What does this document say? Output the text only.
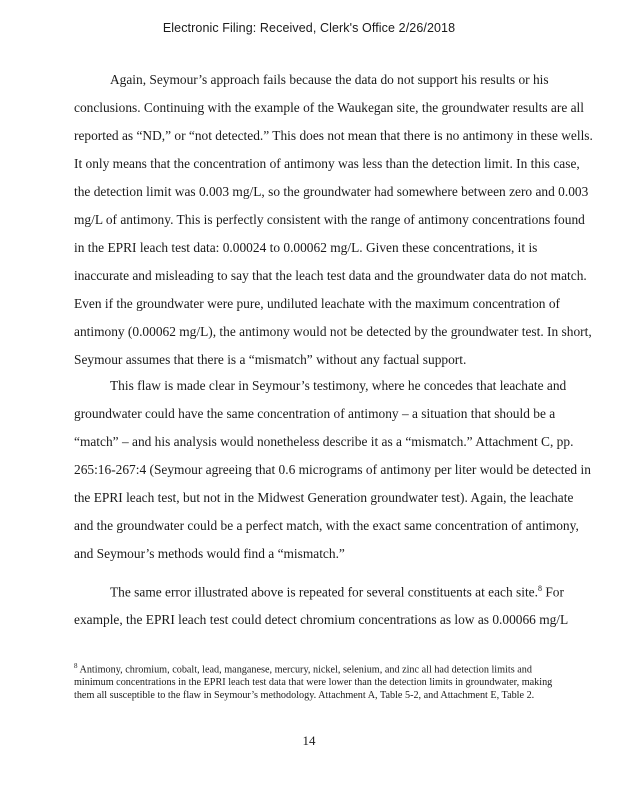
Electronic Filing: Received, Clerk's Office 2/26/2018
Again, Seymour’s approach fails because the data do not support his results or his
conclusions. Continuing with the example of the Waukegan site, the groundwater results are all
reported as “ND,” or “not detected.” This does not mean that there is no antimony in these wells.
It only means that the concentration of antimony was less than the detection limit. In this case,
the detection limit was 0.003 mg/L, so the groundwater had somewhere between zero and 0.003
mg/L of antimony. This is perfectly consistent with the range of antimony concentrations found
in the EPRI leach test data: 0.00024 to 0.00062 mg/L. Given these concentrations, it is
inaccurate and misleading to say that the leach test data and the groundwater data do not match.
Even if the groundwater were pure, undiluted leachate with the maximum concentration of
antimony (0.00062 mg/L), the antimony would not be detected by the groundwater test. In short,
Seymour assumes that there is a “mismatch” without any factual support.
This flaw is made clear in Seymour’s testimony, where he concedes that leachate and
groundwater could have the same concentration of antimony – a situation that should be a
“match” – and his analysis would nonetheless describe it as a “mismatch.” Attachment C, pp.
265:16-267:4 (Seymour agreeing that 0.6 micrograms of antimony per liter would be detected in
the EPRI leach test, but not in the Midwest Generation groundwater test). Again, the leachate
and the groundwater could be a perfect match, with the exact same concentration of antimony,
and Seymour’s methods would find a “mismatch.”
The same error illustrated above is repeated for several constituents at each site.$^8$ For
example, the EPRI leach test could detect chromium concentrations as low as 0.00066 mg/L
$^8$ Antimony, chromium, cobalt, lead, manganese, mercury, nickel, selenium, and zinc all had detection limits and minimum concentrations in the EPRI leach test data that were lower than the detection limits in groundwater, making them all susceptible to the flaw in Seymour’s methodology. Attachment A, Table 5-2, and Attachment E, Table 2.
14
